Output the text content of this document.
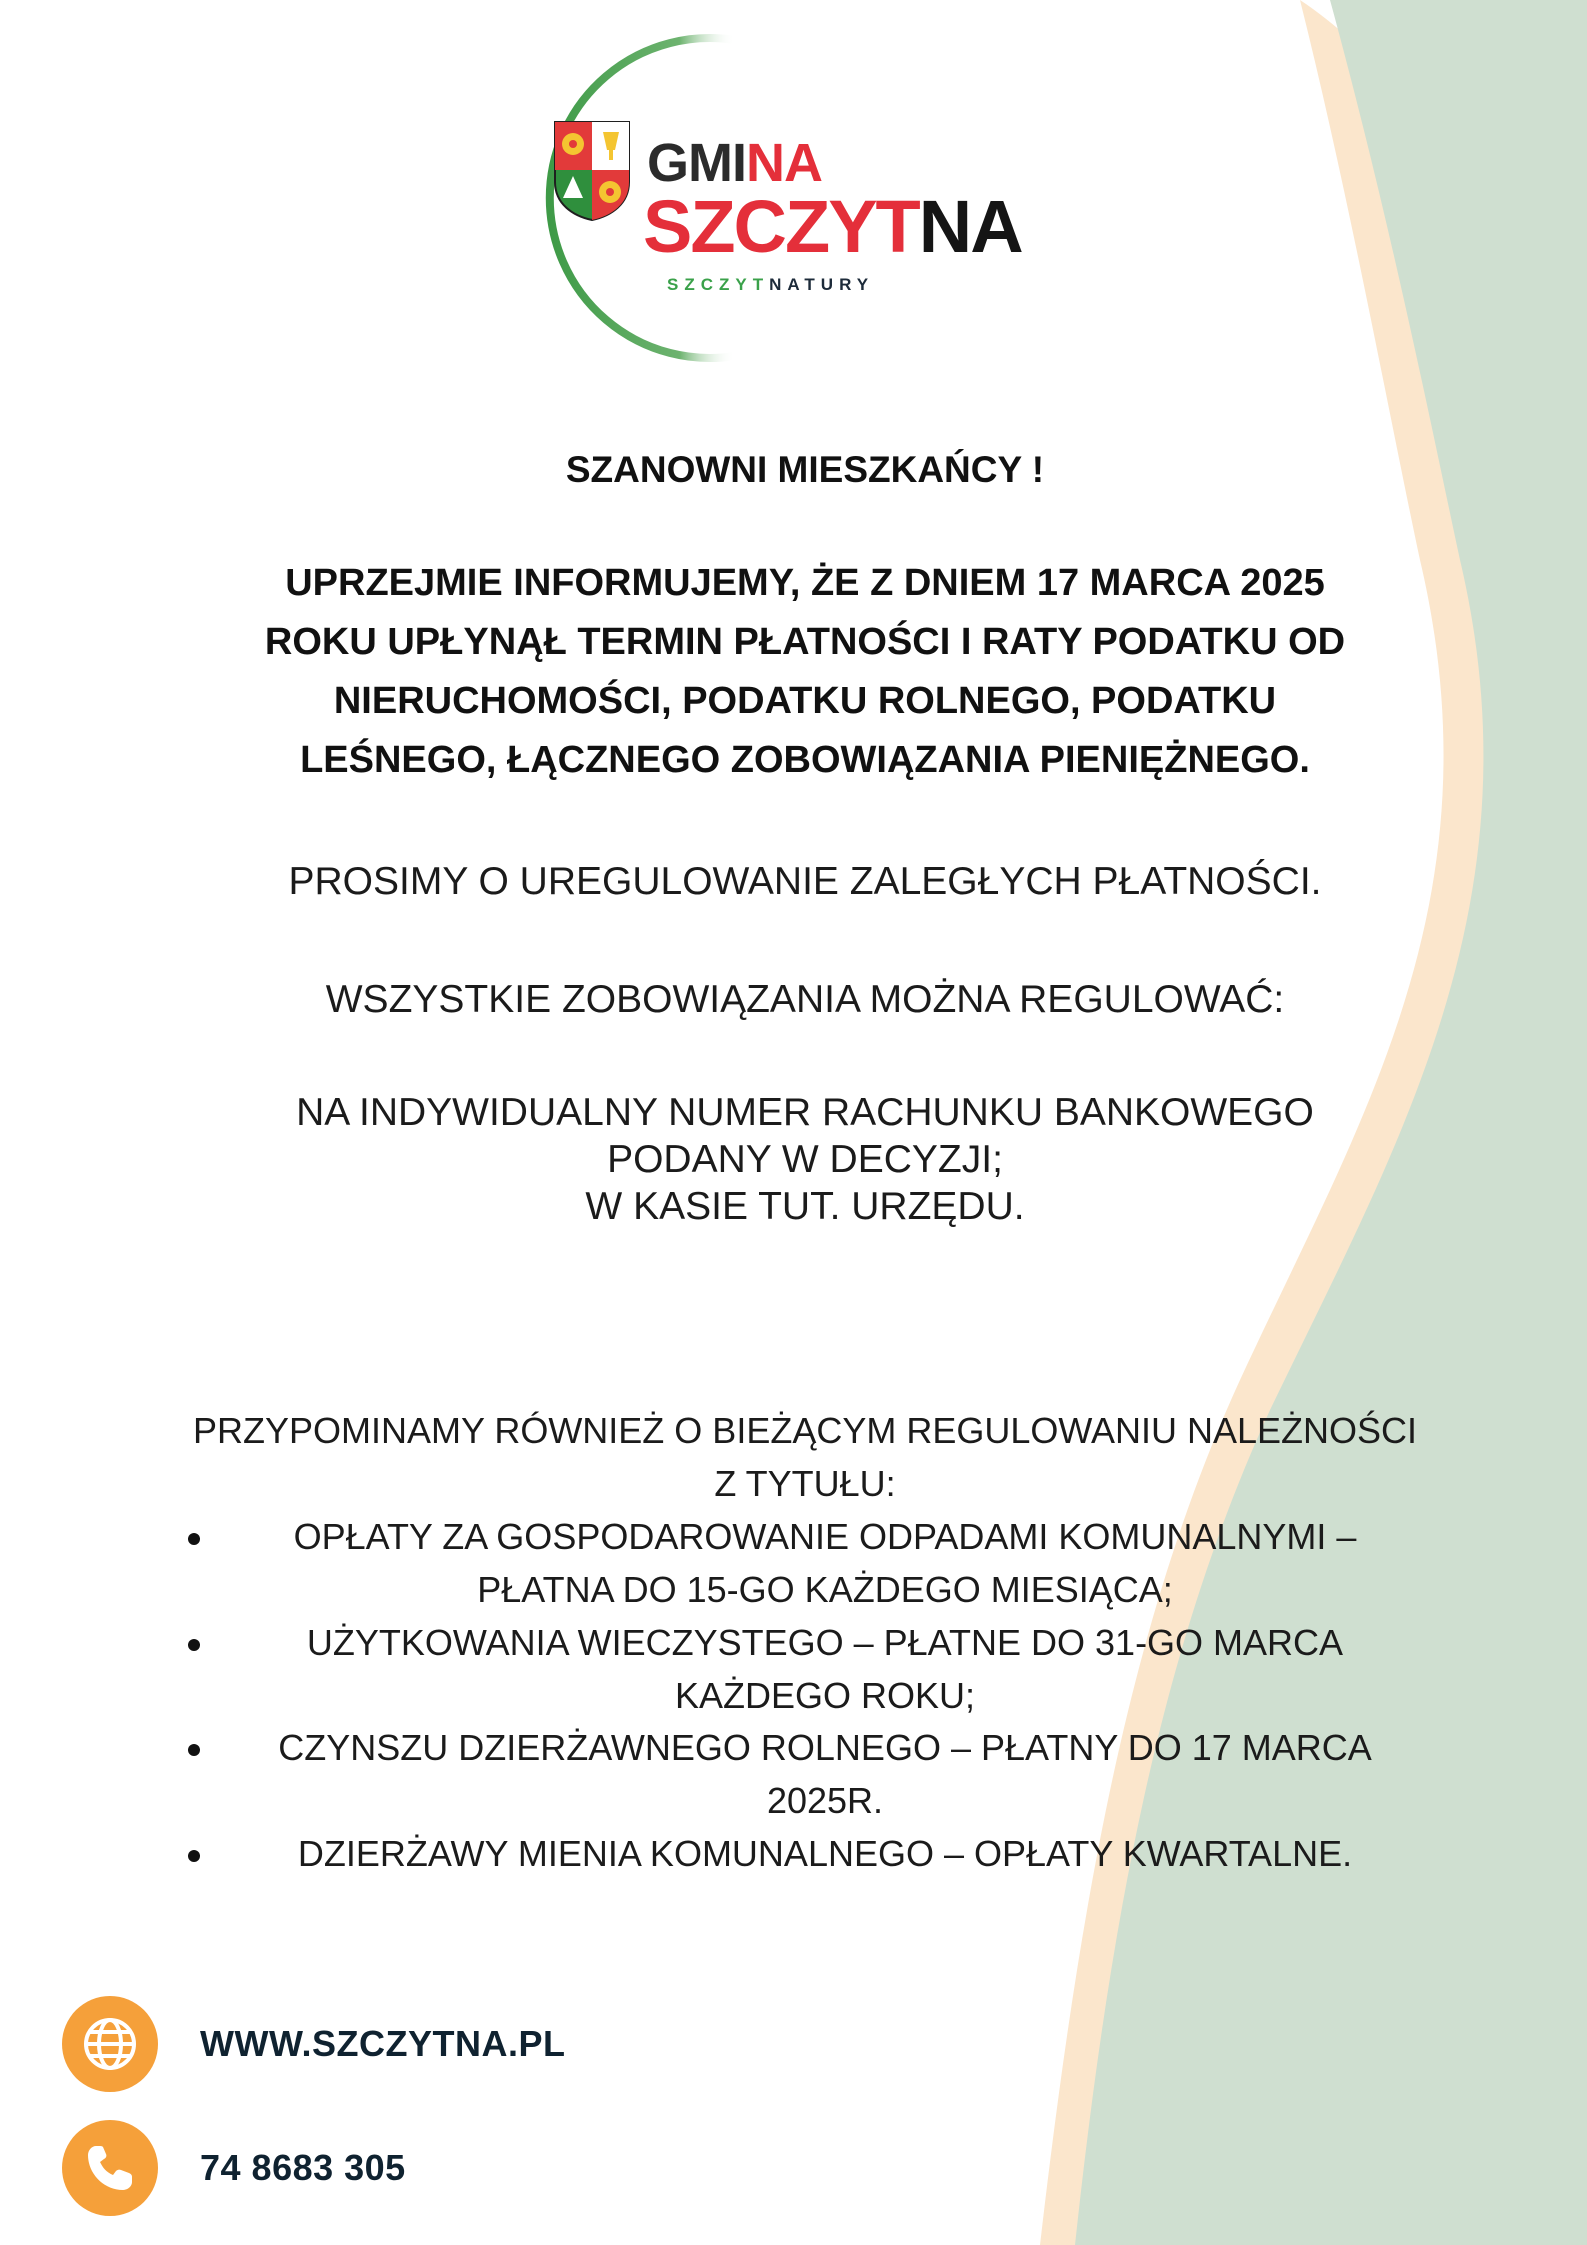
GMINA
SZCZYTNA
SZCZYTNATURY
SZANOWNI MIESZKAŃCY !
UPRZEJMIE INFORMUJEMY, ŻE Z DNIEM 17 MARCA 2025
ROKU UPŁYNĄŁ TERMIN PŁATNOŚCI I RATY PODATKU OD
NIERUCHOMOŚCI, PODATKU ROLNEGO, PODATKU
LEŚNEGO, ŁĄCZNEGO ZOBOWIĄZANIA PIENIĘŻNEGO.
PROSIMY O UREGULOWANIE ZALEGŁYCH PŁATNOŚCI.
WSZYSTKIE ZOBOWIĄZANIA MOŻNA REGULOWAĆ:
NA INDYWIDUALNY NUMER RACHUNKU BANKOWEGO
PODANY W DECYZJI;
W KASIE TUT. URZĘDU.
PRZYPOMINAMY RÓWNIEŻ O BIEŻĄCYM REGULOWANIU NALEŻNOŚCI Z TYTUŁU:
OPŁATY ZA GOSPODAROWANIE ODPADAMI KOMUNALNYMI – PŁATNA DO 15-GO KAŻDEGO MIESIĄCA;
UŻYTKOWANIA WIECZYSTEGO – PŁATNE DO 31-GO MARCA KAŻDEGO ROKU;
CZYNSZU DZIERŻAWNEGO ROLNEGO – PŁATNY DO 17 MARCA 2025R.
DZIERŻAWY MIENIA KOMUNALNEGO – OPŁATY KWARTALNE.
WWW.SZCZYTNA.PL
74 8683 305
